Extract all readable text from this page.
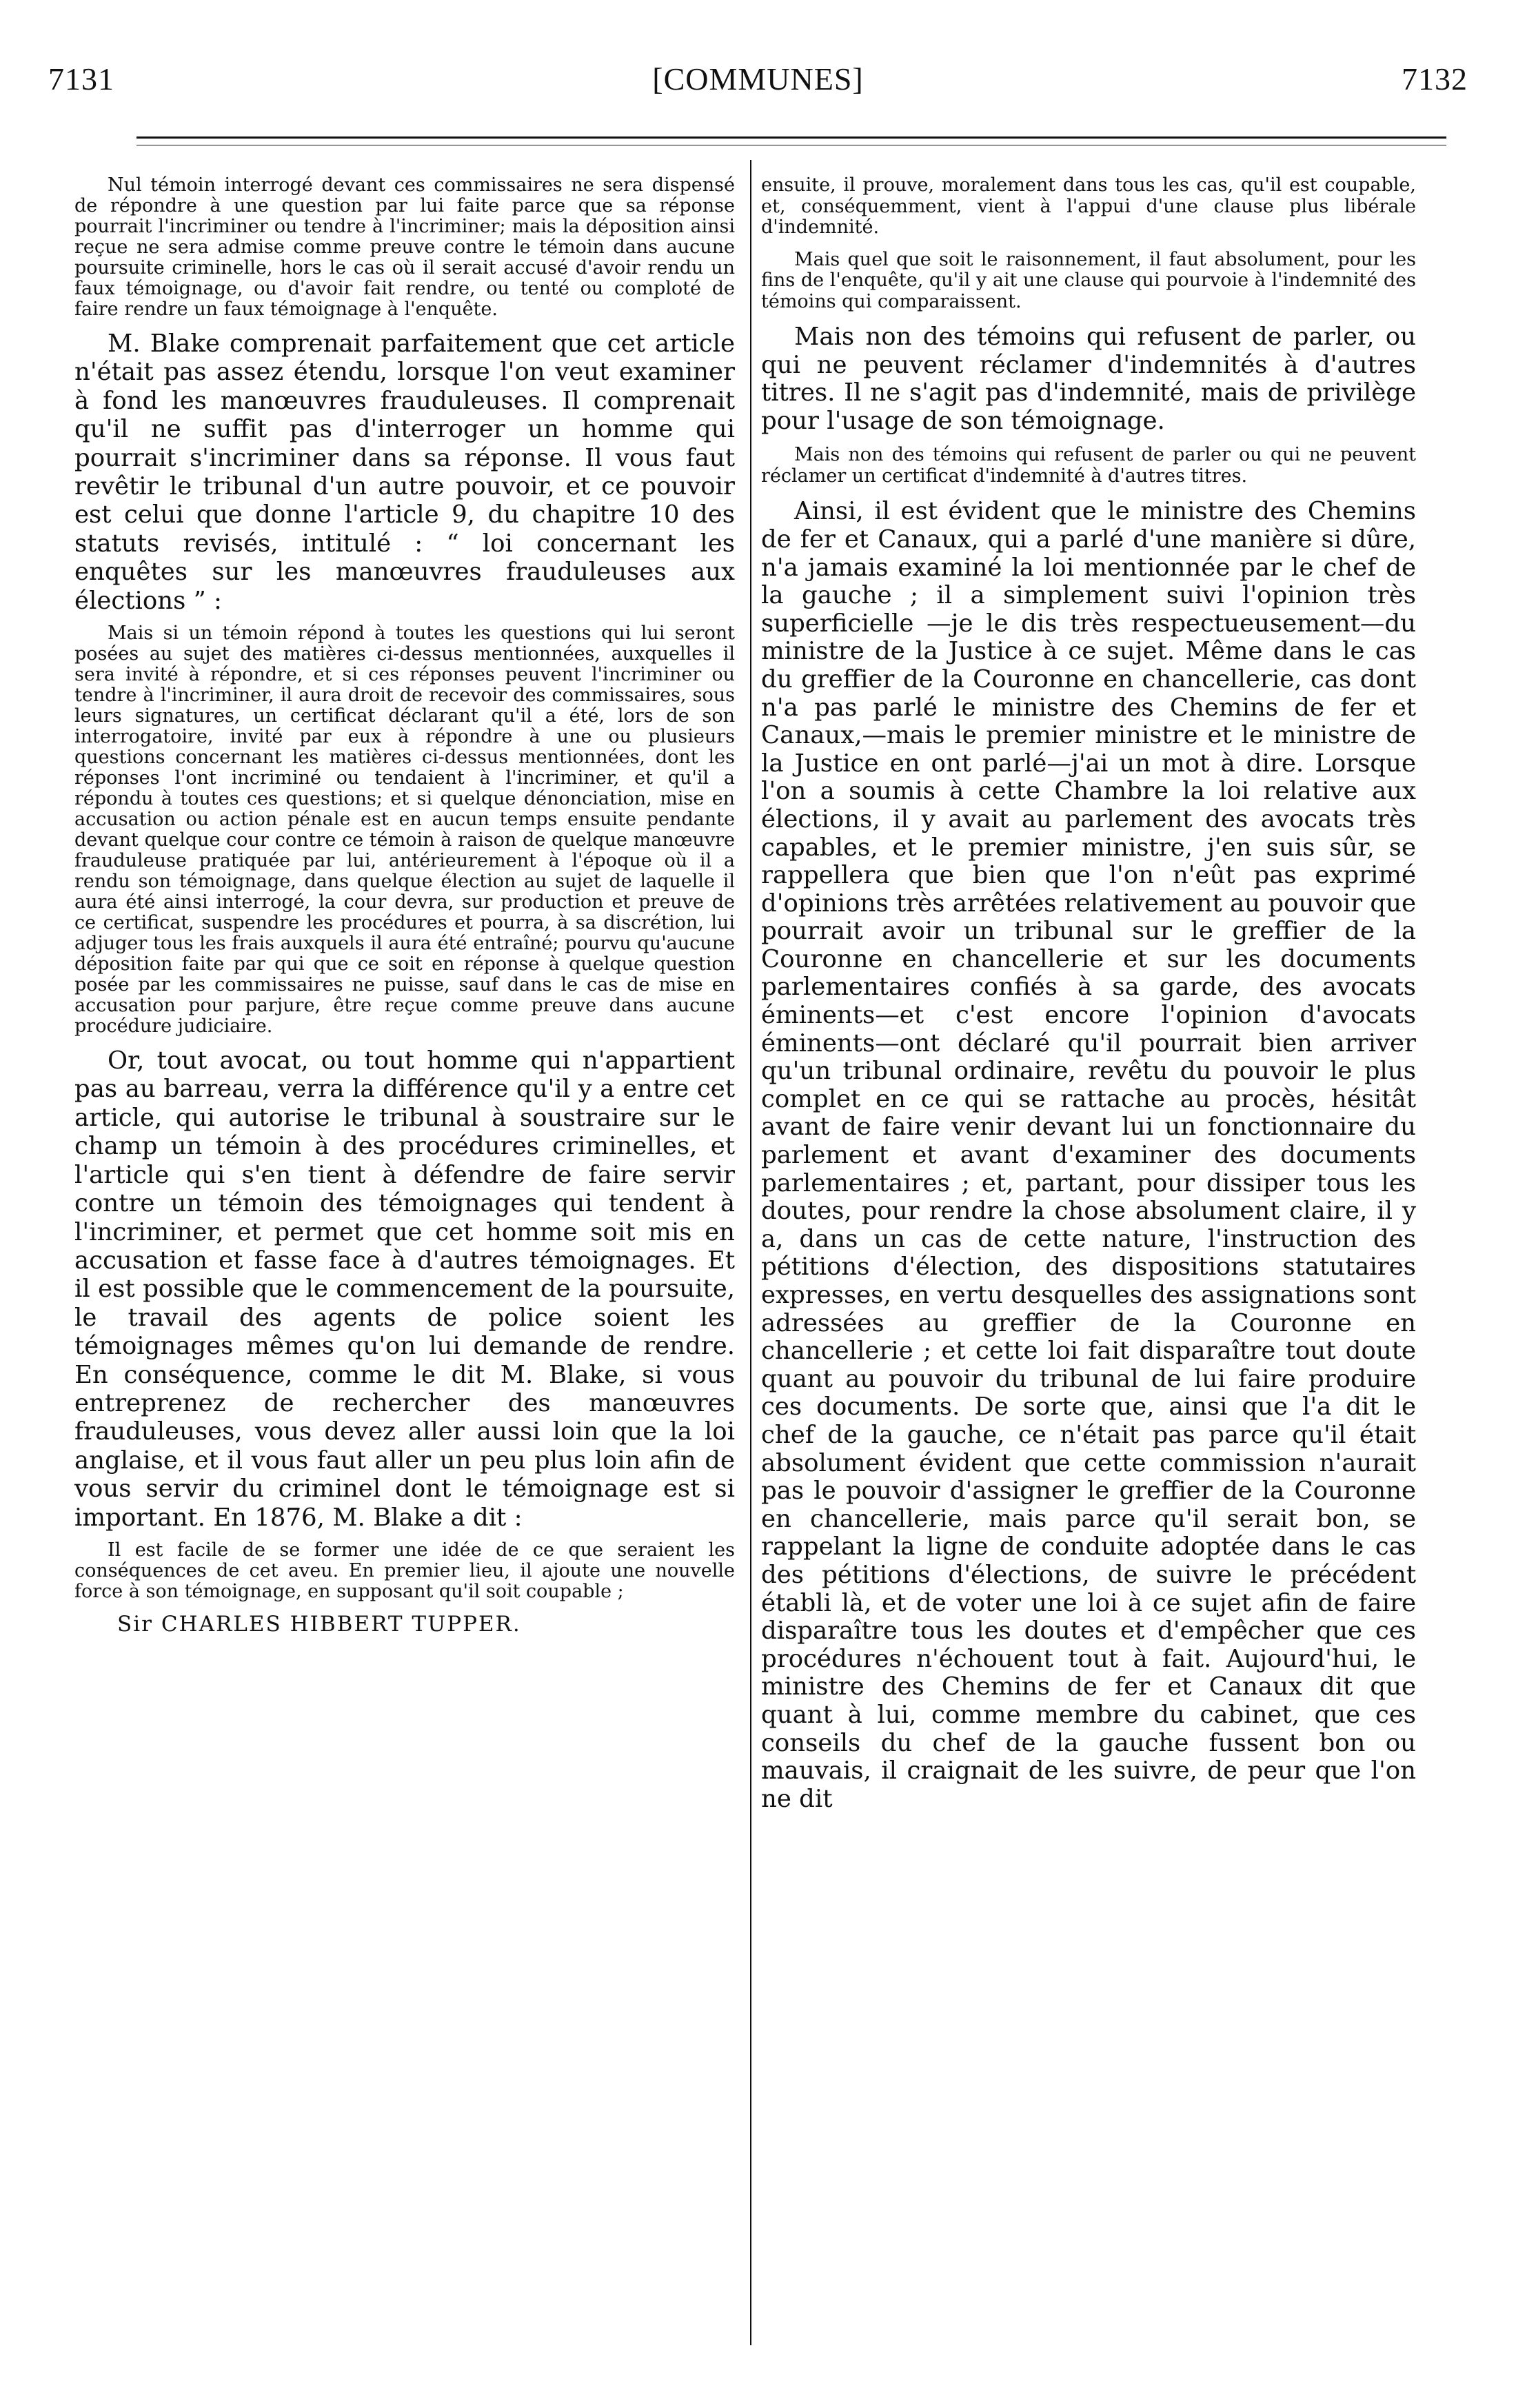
7131	[COMMUNES]	7132

Nul témoin interrogé devant ces commissaires ne sera dispensé de répondre à une question par lui faite parce que sa réponse pourrait l'incriminer ou tendre à l'incriminer; mais la déposition ainsi reçue ne sera admise comme preuve contre le témoin dans aucune poursuite criminelle, hors le cas où il serait accusé d'avoir rendu un faux témoignage, ou d'avoir fait rendre, ou tenté ou comploté de faire rendre un faux témoignage à l'enquête.

M. Blake comprenait parfaitement que cet article n'était pas assez étendu, lorsque l'on veut examiner à fond les manœuvres frauduleuses. Il comprenait qu'il ne suffit pas d'interroger un homme qui pourrait s'incriminer dans sa réponse. Il vous faut revêtir le tribunal d'un autre pouvoir, et ce pouvoir est celui que donne l'article 9, du chapitre 10 des statuts revisés, intitulé : “ loi concernant les enquêtes sur les manœuvres frauduleuses aux élections ” :

Mais si un témoin répond à toutes les questions qui lui seront posées au sujet des matières ci-dessus mentionnées, auxquelles il sera invité à répondre, et si ces réponses peuvent l'incriminer ou tendre à l'incriminer, il aura droit de recevoir des commissaires, sous leurs signatures, un certificat déclarant qu'il a été, lors de son interrogatoire, invité par eux à répondre à une ou plusieurs questions concernant les matières ci-dessus mentionnées, dont les réponses l'ont incriminé ou tendaient à l'incriminer, et qu'il a répondu à toutes ces questions; et si quelque dénonciation, mise en accusation ou action pénale est en aucun temps ensuite pendante devant quelque cour contre ce témoin à raison de quelque manœuvre frauduleuse pratiquée par lui, antérieurement à l'époque où il a rendu son témoignage, dans quelque élection au sujet de laquelle il aura été ainsi interrogé, la cour devra, sur production et preuve de ce certificat, suspendre les procédures et pourra, à sa discrétion, lui adjuger tous les frais auxquels il aura été entraîné; pourvu qu'aucune déposition faite par qui que ce soit en réponse à quelque question posée par les commissaires ne puisse, sauf dans le cas de mise en accusation pour parjure, être reçue comme preuve dans aucune procédure judiciaire.

Or, tout avocat, ou tout homme qui n'appartient pas au barreau, verra la différence qu'il y a entre cet article, qui autorise le tribunal à soustraire sur le champ un témoin à des procédures criminelles, et l'article qui s'en tient à défendre de faire servir contre un témoin des témoignages qui tendent à l'incriminer, et permet que cet homme soit mis en accusation et fasse face à d'autres témoignages. Et il est possible que le commencement de la poursuite, le travail des agents de police soient les témoignages mêmes qu'on lui demande de rendre. En conséquence, comme le dit M. Blake, si vous entreprenez de rechercher des manœuvres frauduleuses, vous devez aller aussi loin que la loi anglaise, et il vous faut aller un peu plus loin afin de vous servir du criminel dont le témoignage est si important. En 1876, M. Blake a dit :

Il est facile de se former une idée de ce que seraient les conséquences de cet aveu. En premier lieu, il ajoute une nouvelle force à son témoignage, en supposant qu'il soit coupable ;

Sir CHARLES HIBBERT TUPPER.

ensuite, il prouve, moralement dans tous les cas, qu'il est coupable, et, conséquemment, vient à l'appui d'une clause plus libérale d'indemnité.

Mais quel que soit le raisonnement, il faut absolument, pour les fins de l'enquête, qu'il y ait une clause qui pourvoie à l'indemnité des témoins qui comparaissent.

Mais non des témoins qui refusent de parler, ou qui ne peuvent réclamer d'indemnités à d'autres titres. Il ne s'agit pas d'indemnité, mais de privilège pour l'usage de son témoignage.

Mais non des témoins qui refusent de parler ou qui ne peuvent réclamer un certificat d'indemnité à d'autres titres.

Ainsi, il est évident que le ministre des Chemins de fer et Canaux, qui a parlé d'une manière si dûre, n'a jamais examiné la loi mentionnée par le chef de la gauche ; il a simplement suivi l'opinion très superficielle —je le dis très respectueusement—du ministre de la Justice à ce sujet. Même dans le cas du greffier de la Couronne en chancellerie, cas dont n'a pas parlé le ministre des Chemins de fer et Canaux,—mais le premier ministre et le ministre de la Justice en ont parlé—j'ai un mot à dire. Lorsque l'on a soumis à cette Chambre la loi relative aux élections, il y avait au parlement des avocats très capables, et le premier ministre, j'en suis sûr, se rappellera que bien que l'on n'eût pas exprimé d'opinions très arrêtées relativement au pouvoir que pourrait avoir un tribunal sur le greffier de la Couronne en chancellerie et sur les documents parlementaires confiés à sa garde, des avocats éminents—et c'est encore l'opinion d'avocats éminents—ont déclaré qu'il pourrait bien arriver qu'un tribunal ordinaire, revêtu du pouvoir le plus complet en ce qui se rattache au procès, hésitât avant de faire venir devant lui un fonctionnaire du parlement et avant d'examiner des documents parlementaires ; et, partant, pour dissiper tous les doutes, pour rendre la chose absolument claire, il y a, dans un cas de cette nature, l'instruction des pétitions d'élection, des dispositions statutaires expresses, en vertu desquelles des assignations sont adressées au greffier de la Couronne en chancellerie ; et cette loi fait disparaître tout doute quant au pouvoir du tribunal de lui faire produire ces documents. De sorte que, ainsi que l'a dit le chef de la gauche, ce n'était pas parce qu'il était absolument évident que cette commission n'aurait pas le pouvoir d'assigner le greffier de la Couronne en chancellerie, mais parce qu'il serait bon, se rappelant la ligne de conduite adoptée dans le cas des pétitions d'élections, de suivre le précédent établi là, et de voter une loi à ce sujet afin de faire disparaître tous les doutes et d'empêcher que ces procédures n'échouent tout à fait. Aujourd'hui, le ministre des Chemins de fer et Canaux dit que quant à lui, comme membre du cabinet, que ces conseils du chef de la gauche fussent bon ou mauvais, il craignait de les suivre, de peur que l'on ne dit
